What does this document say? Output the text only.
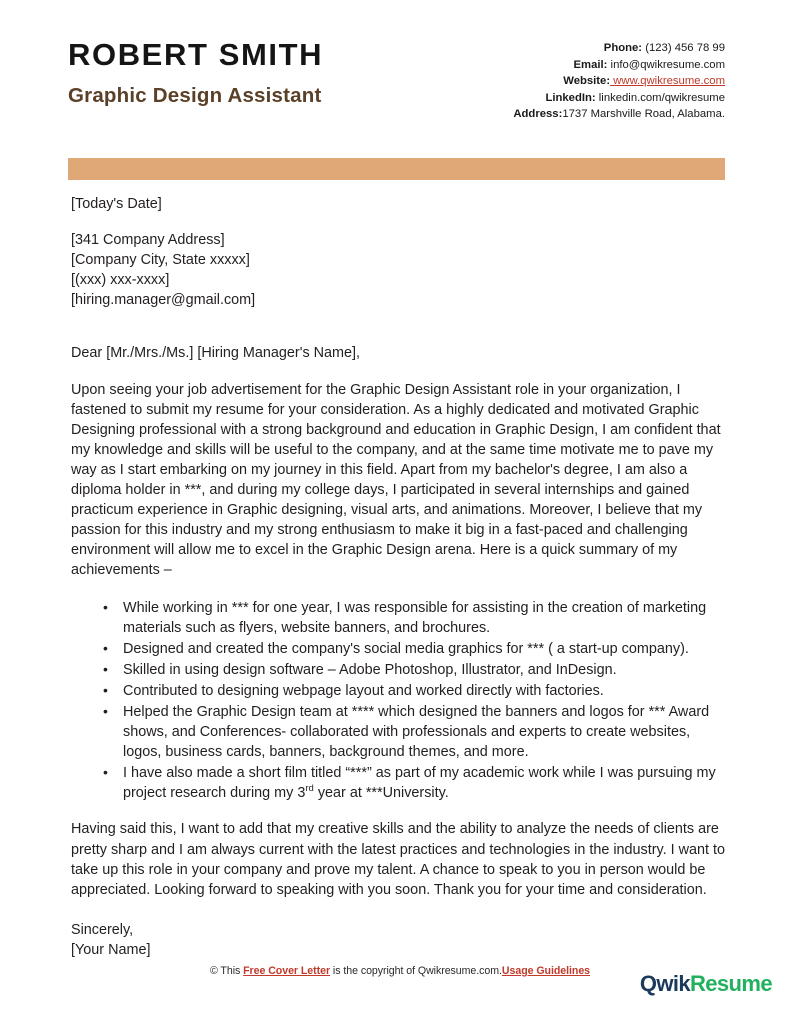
ROBERT SMITH
Graphic Design Assistant
Phone: (123) 456 78 99
Email: info@qwikresume.com
Website: www.qwikresume.com
LinkedIn: linkedin.com/qwikresume
Address:1737 Marshville Road, Alabama.
[Today's Date]
[341 Company Address]
[Company City, State xxxxx]
[(xxx) xxx-xxxx]
[hiring.manager@gmail.com]
Dear [Mr./Mrs./Ms.] [Hiring Manager's Name],

Upon seeing your job advertisement for the Graphic Design Assistant role in your organization, I fastened to submit my resume for your consideration. As a highly dedicated and motivated Graphic Designing professional with a strong background and education in Graphic Design, I am confident that my knowledge and skills will be useful to the company, and at the same time motivate me to pave my way as I start embarking on my journey in this field. Apart from my bachelor's degree, I am also a diploma holder in ***, and during my college days, I participated in several internships and gained practicum experience in Graphic designing, visual arts, and animations. Moreover, I believe that my passion for this industry and my strong enthusiasm to make it big in a fast-paced and challenging environment will allow me to excel in the Graphic Design arena. Here is a quick summary of my achievements –

• While working in *** for one year, I was responsible for assisting in the creation of marketing materials such as flyers, website banners, and brochures.
• Designed and created the company's social media graphics for *** ( a start-up company).
• Skilled in using design software – Adobe Photoshop, Illustrator, and InDesign.
• Contributed to designing webpage layout and worked directly with factories.
• Helped the Graphic Design team at **** which designed the banners and logos for *** Award shows, and Conferences- collaborated with professionals and experts to create websites, logos, business cards, banners, background themes, and more.
• I have also made a short film titled “***” as part of my academic work while I was pursuing my project research during my 3rd year at ***University.

Having said this, I want to add that my creative skills and the ability to analyze the needs of clients are pretty sharp and I am always current with the latest practices and technologies in the industry. I want to take up this role in your company and prove my talent. A chance to speak to you in person would be appreciated. Looking forward to speaking with you soon. Thank you for your time and consideration.

Sincerely,
[Your Name]
© This Free Cover Letter is the copyright of Qwikresume.com.Usage Guidelines	QwikResume
